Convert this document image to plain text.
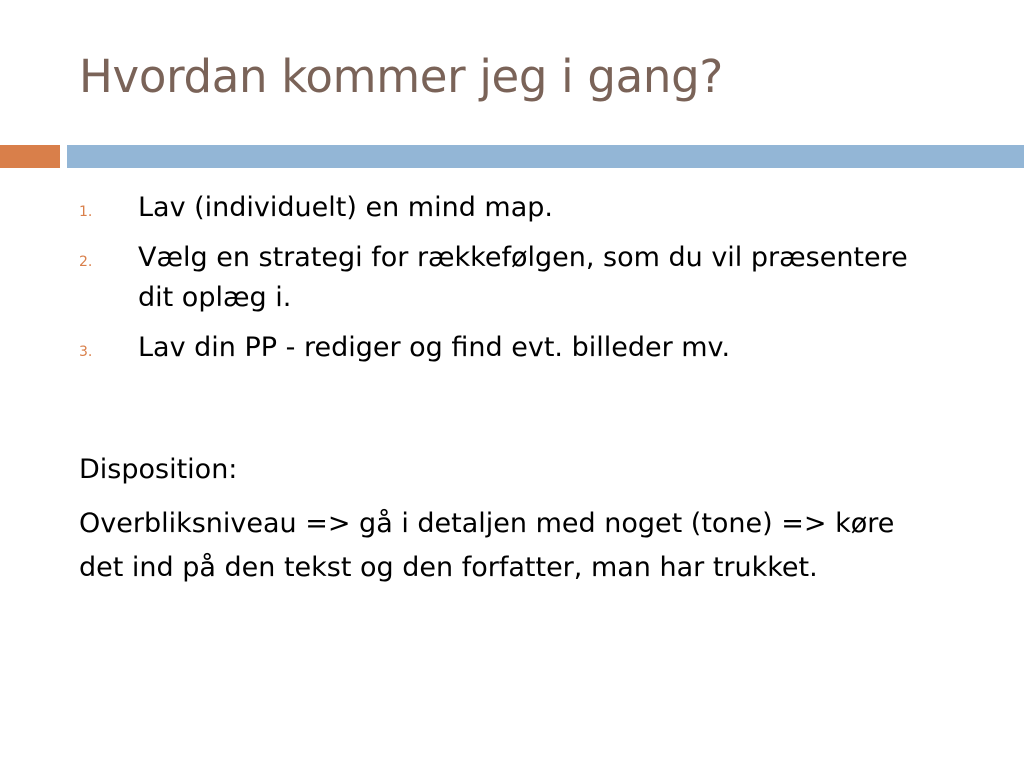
Hvordan kommer jeg i gang?
1. Lav (individuelt) en mind map.
2. Vælg en strategi for rækkefølgen, som du vil præsentere dit oplæg i.
3. Lav din PP - rediger og find evt. billeder mv.

Disposition:

Overbliksniveau => gå i detaljen med noget (tone) => køre det ind på den tekst og den forfatter, man har trukket.
